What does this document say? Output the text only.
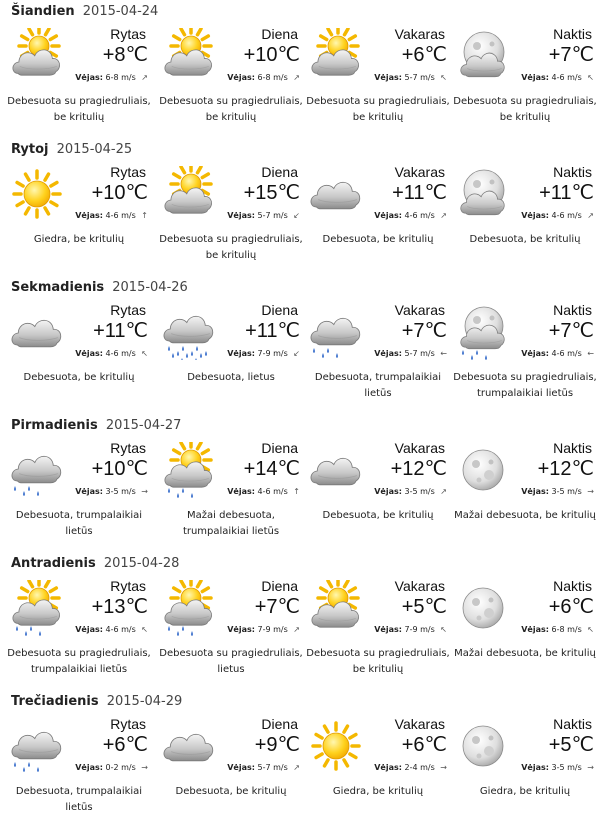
Šiandien 2015-04-24
Rytas
+8℃
Vėjas: 6-8 m/s ↗
Debesuota su pragiedruliais, be kritulių
Diena
+10℃
Vėjas: 6-8 m/s ↗
Debesuota su pragiedruliais, be kritulių
Vakaras
+6℃
Vėjas: 5-7 m/s ↖
Debesuota su pragiedruliais, be kritulių
Naktis
+7℃
Vėjas: 4-6 m/s ↖
Debesuota su pragiedruliais, be kritulių
Rytoj 2015-04-25
Rytas
+10℃
Vėjas: 4-6 m/s ↑
Giedra, be kritulių
Diena
+15℃
Vėjas: 5-7 m/s ↙
Debesuota su pragiedruliais, be kritulių
Vakaras
+11℃
Vėjas: 4-6 m/s ↗
Debesuota, be kritulių
Naktis
+11℃
Vėjas: 4-6 m/s ↗
Debesuota, be kritulių
Sekmadienis 2015-04-26
Rytas
+11℃
Vėjas: 4-6 m/s ↖
Debesuota, be kritulių
Diena
+11℃
Vėjas: 7-9 m/s ↙
Debesuota, lietus
Vakaras
+7℃
Vėjas: 5-7 m/s ←
Debesuota, trumpalaikiai lietūs
Naktis
+7℃
Vėjas: 4-6 m/s ←
Debesuota su pragiedruliais, trumpalaikiai lietūs
Pirmadienis 2015-04-27
Rytas
+10℃
Vėjas: 3-5 m/s →
Debesuota, trumpalaikiai lietūs
Diena
+14℃
Vėjas: 4-6 m/s ↑
Mažai debesuota, trumpalaikiai lietūs
Vakaras
+12℃
Vėjas: 3-5 m/s ↗
Debesuota, be kritulių
Naktis
+12℃
Vėjas: 3-5 m/s →
Mažai debesuota, be kritulių
Antradienis 2015-04-28
Rytas
+13℃
Vėjas: 4-6 m/s ↖
Debesuota su pragiedruliais, trumpalaikiai lietūs
Diena
+7℃
Vėjas: 7-9 m/s ↗
Debesuota su pragiedruliais, lietus
Vakaras
+5℃
Vėjas: 7-9 m/s ↖
Debesuota su pragiedruliais, be kritulių
Naktis
+6℃
Vėjas: 6-8 m/s ↖
Mažai debesuota, be kritulių
Trečiadienis 2015-04-29
Rytas
+6℃
Vėjas: 0-2 m/s →
Debesuota, trumpalaikiai lietūs
Diena
+9℃
Vėjas: 5-7 m/s ↗
Debesuota, be kritulių
Vakaras
+6℃
Vėjas: 2-4 m/s →
Giedra, be kritulių
Naktis
+5℃
Vėjas: 3-5 m/s →
Giedra, be kritulių
